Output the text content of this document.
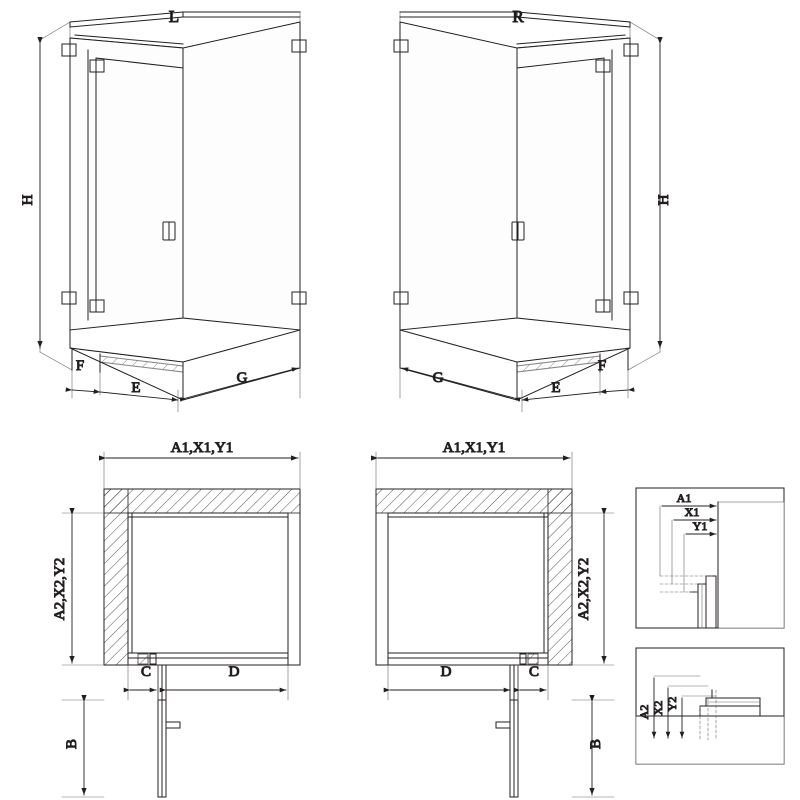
L
H
F
E
G
R
H
F
E
G
A1,X1,Y1
A2,X2,Y2
C	D
B
A1,X1,Y1
A2,X2,Y2
D	C
B
A1
X1
Y1
A2 X2 Y2
